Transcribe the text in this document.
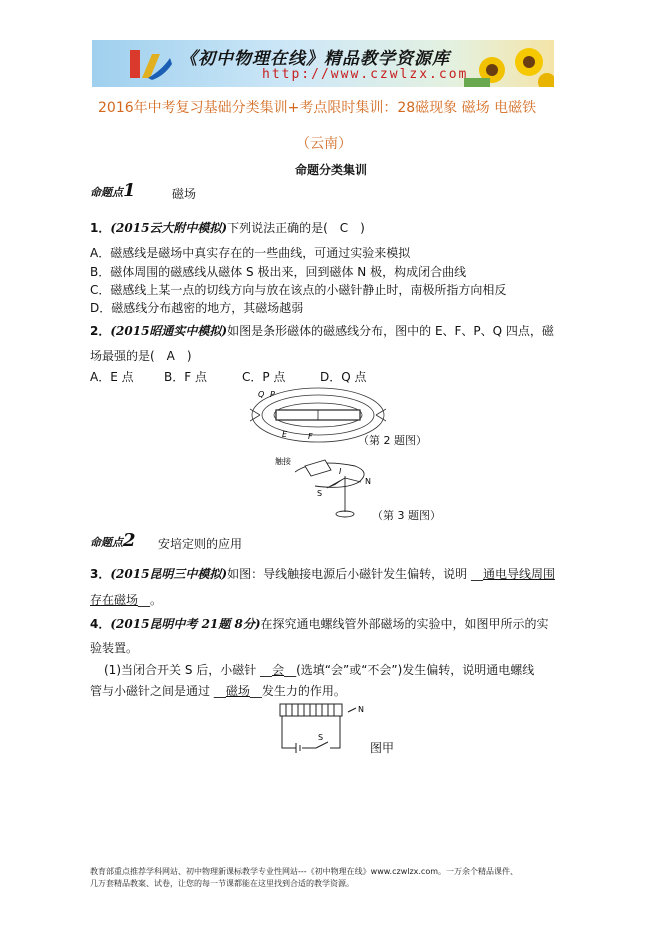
《初中物理在线》精品教学资源库
http://www.czwlzx.com
2016年中考复习基础分类集训+考点限时集训：28磁现象 磁场 电磁铁
（云南）
命题分类集训
命题点1	磁场
1．(2015云大附中模拟)下列说法正确的是(　C　)
A．磁感线是磁场中真实存在的一些曲线，可通过实验来模拟
B．磁体周围的磁感线从磁体 S 极出来，回到磁体 N 极，构成闭合曲线
C．磁感线上某一点的切线方向与放在该点的小磁针静止时，南极所指方向相反
D．磁感线分布越密的地方，其磁场越弱
2．(2015昭通实中模拟)如图是条形磁体的磁感线分布，图中的 E、F、P、Q 四点，磁
场最强的是(　A　)
A．E 点	B．F 点	C．P 点	D．Q 点
Q P
E	F	（第 2 题图）
触接
I
S
N
（第 3 题图）
命题点2 安培定则的应用
3．(2015昆明三中模拟)如图：导线触接电源后小磁针发生偏转，说明 __通电导线周围
存在磁场__。
4．(2015昆明中考 21题 8分)在探究通电螺线管外部磁场的实验中，如图甲所示的实
验装置。
(1)当闭合开关 S 后，小磁针 __会__(选填“会”或“不会”)发生偏转，说明通电螺线
管与小磁针之间是通过 __磁场__发生力的作用。
N
S
图甲
教育部重点推荐学科网站、初中物理新课标教学专业性网站---《初中物理在线》www.czwlzx.com。一万余个精品课件、
几万套精品教案、试卷，让您的每一节课都能在这里找到合适的教学资源。
